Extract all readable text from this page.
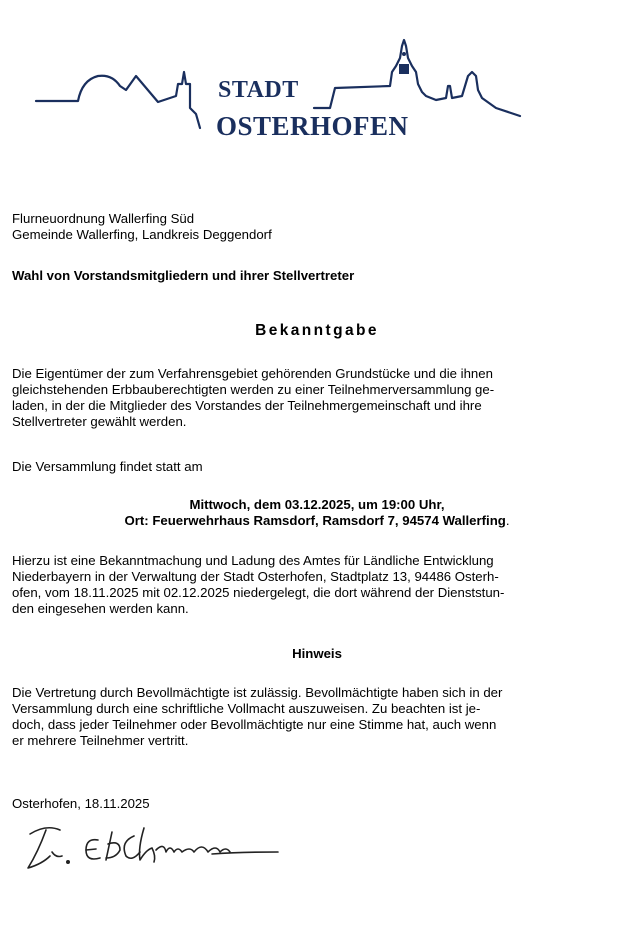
STADT
OSTERHOFEN
Flurneuordnung Wallerfing Süd
Gemeinde Wallerfing, Landkreis Deggendorf
Wahl von Vorstandsmitgliedern und ihrer Stellvertreter
Bekanntgabe
Die Eigentümer der zum Verfahrensgebiet gehörenden Grundstücke und die ihnen
gleichstehenden Erbbauberechtigten werden zu einer Teilnehmerversammlung ge-
laden, in der die Mitglieder des Vorstandes der Teilnehmergemeinschaft und ihre
Stellvertreter gewählt werden.
Die Versammlung findet statt am
Mittwoch, dem 03.12.2025, um 19:00 Uhr,
Ort: Feuerwehrhaus Ramsdorf, Ramsdorf 7, 94574 Wallerfing.
Hierzu ist eine Bekanntmachung und Ladung des Amtes für Ländliche Entwicklung
Niederbayern in der Verwaltung der Stadt Osterhofen, Stadtplatz 13, 94486 Osterh-
ofen, vom 18.11.2025 mit 02.12.2025 niedergelegt, die dort während der Dienststun-
den eingesehen werden kann.
Hinweis
Die Vertretung durch Bevollmächtigte ist zulässig. Bevollmächtigte haben sich in der
Versammlung durch eine schriftliche Vollmacht auszuweisen. Zu beachten ist je-
doch, dass jeder Teilnehmer oder Bevollmächtigte nur eine Stimme hat, auch wenn
er mehrere Teilnehmer vertritt.
Osterhofen, 18.11.2025
